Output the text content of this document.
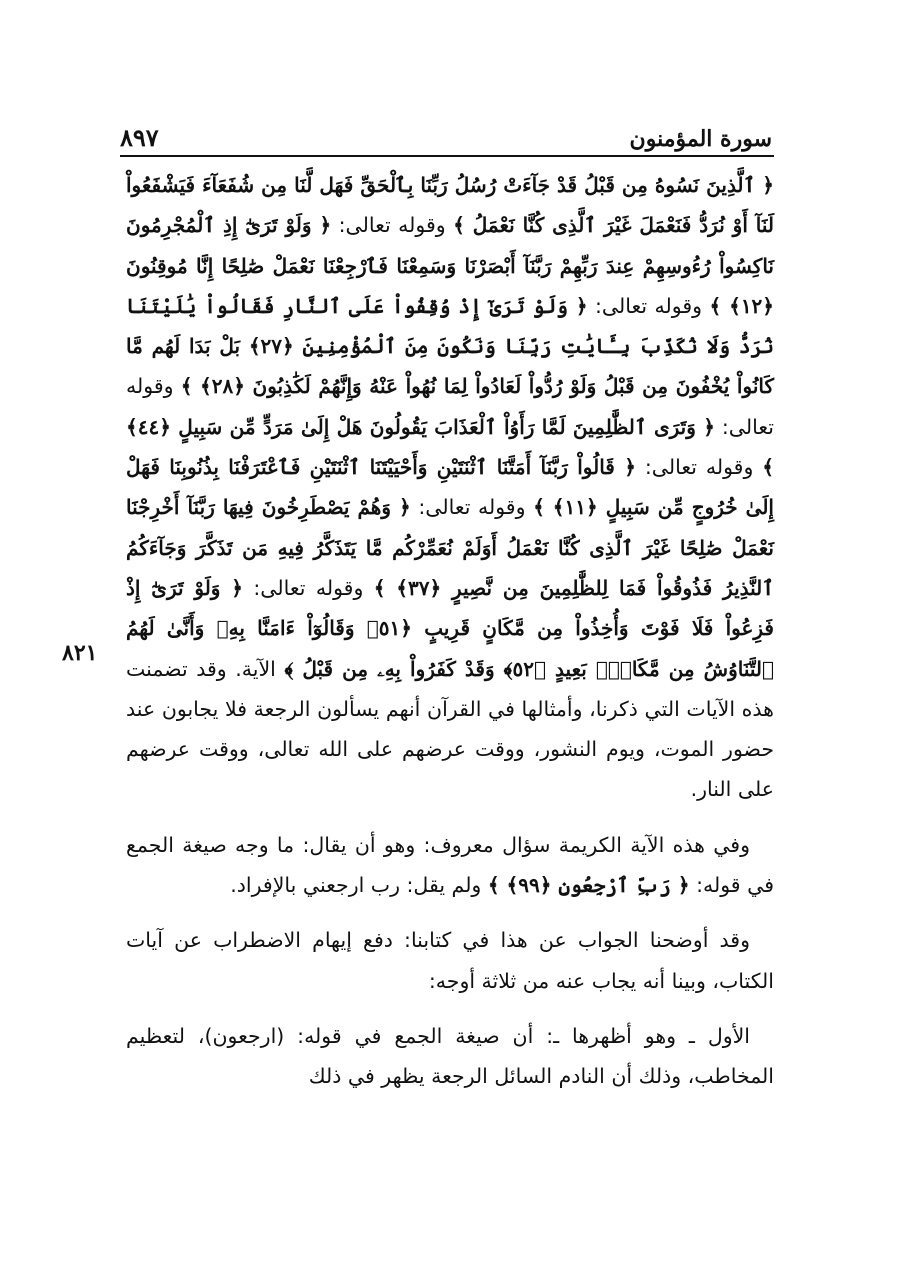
سورة المؤمنون
٨٩٧
٨٢١

﴿ ٱلَّذِينَ نَسُوهُ مِن قَبْلُ قَدْ جَآءَتْ رُسُلُ رَبِّنَا بِٱلْحَقِّ فَهَل لَّنَا مِن شُفَعَآءَ فَيَشْفَعُواْ لَنَآ أَوْ نُرَدُّ فَنَعْمَلَ غَيْرَ ٱلَّذِى كُنَّا نَعْمَلُ ﴾ وقوله تعالى: ﴿ وَلَوْ تَرَىٰٓ إِذِ ٱلْمُجْرِمُونَ نَاكِسُواْ رُءُوسِهِمْ عِندَ رَبِّهِمْ رَبَّنَآ أَبْصَرْنَا وَسَمِعْنَا فَٱرْجِعْنَا نَعْمَلْ صَٰلِحًا إِنَّا مُوقِنُونَ ﴿١٢﴾ ﴾ وقوله تعالى: ﴿ وَلَوْ تَرَىٰٓ إِذْ وُقِفُواْ عَلَى ٱلنَّارِ فَقَالُواْ يَٰلَيْتَنَا نُرَدُّ وَلَا نُكَذِّبَ بِـَٔايَٰتِ رَبِّنَا وَنَكُونَ مِنَ ٱلْمُؤْمِنِينَ ﴿٢٧﴾ بَلْ بَدَا لَهُم مَّا كَانُواْ يُخْفُونَ مِن قَبْلُ وَلَوْ رُدُّواْ لَعَادُواْ لِمَا نُهُواْ عَنْهُ وَإِنَّهُمْ لَكَٰذِبُونَ ﴿٢٨﴾ ﴾ وقوله تعالى: ﴿ وَتَرَى ٱلظَّٰلِمِينَ لَمَّا رَأَوُاْ ٱلْعَذَابَ يَقُولُونَ هَلْ إِلَىٰ مَرَدٍّ مِّن سَبِيلٍ ﴿٤٤﴾ ﴾ وقوله تعالى: ﴿ قَالُواْ رَبَّنَآ أَمَتَّنَا ٱثْنَتَيْنِ وَأَحْيَيْتَنَا ٱثْنَتَيْنِ فَٱعْتَرَفْنَا بِذُنُوبِنَا فَهَلْ إِلَىٰ خُرُوجٍ مِّن سَبِيلٍ ﴿١١﴾ ﴾ وقوله تعالى: ﴿ وَهُمْ يَصْطَرِخُونَ فِيهَا رَبَّنَآ أَخْرِجْنَا نَعْمَلْ صَٰلِحًا غَيْرَ ٱلَّذِى كُنَّا نَعْمَلُ أَوَلَمْ نُعَمِّرْكُم مَّا يَتَذَكَّرُ فِيهِ مَن تَذَكَّرَ وَجَآءَكُمُ ٱلنَّذِيرُ فَذُوقُواْ فَمَا لِلظَّٰلِمِينَ مِن نَّصِيرٍ ﴿٣٧﴾ ﴾ وقوله تعالى: ﴿ وَلَوْ تَرَىٰٓ إِذْ فَزِعُواْ فَلَا فَوْتَ وَأُخِذُواْ مِن مَّكَانٍ قَرِيبٍ ﴿٥١﴾ وَقَالُوٓاْ ءَامَنَّا بِهِۦ وَأَنَّىٰ لَهُمُ ٱلتَّنَاوُشُ مِن مَّكَانٍۭ بَعِيدٍ ﴿٥٢﴾ وَقَدْ كَفَرُواْ بِهِۦ مِن قَبْلُ ﴾ الآية. وقد تضمنت هذه الآيات التي ذكرنا، وأمثالها في القرآن أنهم يسألون الرجعة فلا يجابون عند حضور الموت، ويوم النشور، ووقت عرضهم على الله تعالى، ووقت عرضهم على النار.

وفي هذه الآية الكريمة سؤال معروف: وهو أن يقال: ما وجه صيغة الجمع في قوله: ﴿ رَبِّ ٱرْجِعُونِ ﴿٩٩﴾ ﴾ ولم يقل: رب ارجعني بالإفراد.

وقد أوضحنا الجواب عن هذا في كتابنا: دفع إيهام الاضطراب عن آيات الكتاب، وبينا أنه يجاب عنه من ثلاثة أوجه:

الأول ـ وهو أظهرها ـ: أن صيغة الجمع في قوله: (ارجعون)، لتعظيم المخاطب، وذلك أن النادم السائل الرجعة يظهر في ذلك
